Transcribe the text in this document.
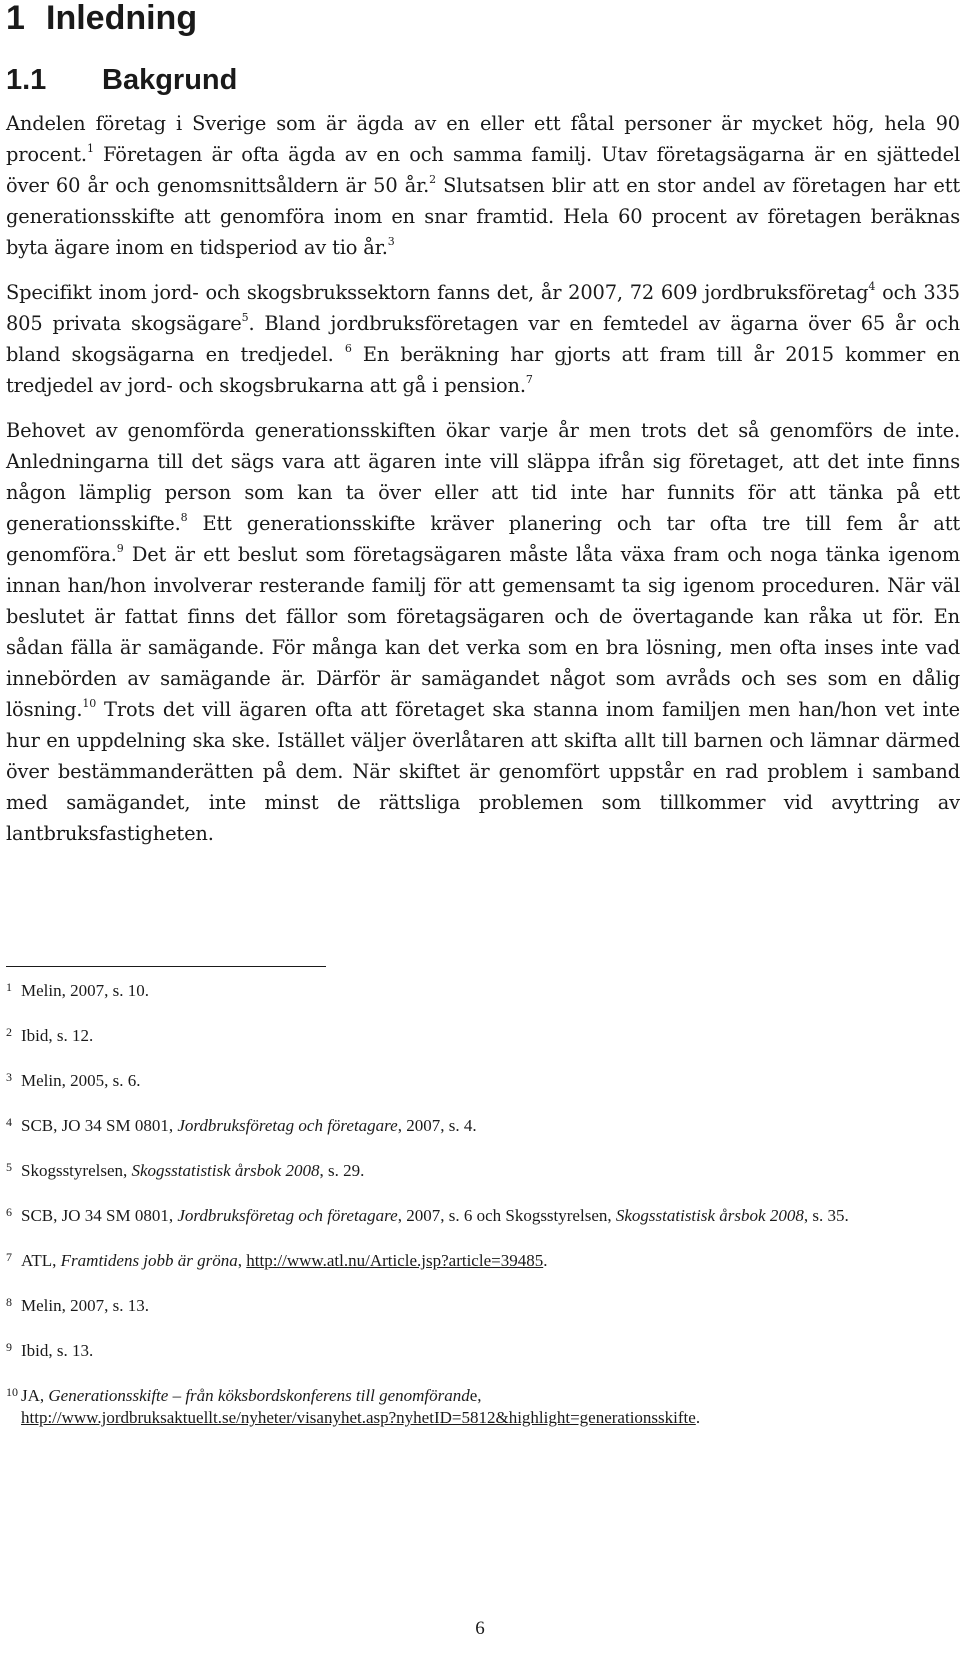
1 Inledning
1.1 Bakgrund

Andelen företag i Sverige som är ägda av en eller ett fåtal personer är mycket hög, hela 90 procent.$^1$ Företagen är ofta ägda av en och samma familj. Utav företagsägarna är en sjättedel över 60 år och genomsnittsåldern är 50 år.$^2$ Slutsatsen blir att en stor andel av företagen har ett generationsskifte att genomföra inom en snar framtid. Hela 60 procent av företagen beräknas byta ägare inom en tidsperiod av tio år.$^3$

Specifikt inom jord- och skogsbrukssektorn fanns det, år 2007, 72 609 jordbruksföretag$^4$ och 335 805 privata skogsägare$^5$. Bland jordbruksföretagen var en femtedel av ägarna över 65 år och bland skogsägarna en tredjedel. $^6$ En beräkning har gjorts att fram till år 2015 kommer en tredjedel av jord- och skogsbrukarna att gå i pension.$^7$

Behovet av genomförda generationsskiften ökar varje år men trots det så genomförs de inte. Anledningarna till det sägs vara att ägaren inte vill släppa ifrån sig företaget, att det inte finns någon lämplig person som kan ta över eller att tid inte har funnits för att tänka på ett generationsskifte.$^8$ Ett generationsskifte kräver planering och tar ofta tre till fem år att genomföra.$^9$ Det är ett beslut som företagsägaren måste låta växa fram och noga tänka igenom innan han/hon involverar resterande familj för att gemensamt ta sig igenom proceduren. När väl beslutet är fattat finns det fällor som företagsägaren och de övertagande kan råka ut för. En sådan fälla är samägande. För många kan det verka som en bra lösning, men ofta inses inte vad innebörden av samägande är. Därför är samägandet något som avråds och ses som en dålig lösning.$^{10}$ Trots det vill ägaren ofta att företaget ska stanna inom familjen men han/hon vet inte hur en uppdelning ska ske. Istället väljer överlåtaren att skifta allt till barnen och lämnar därmed över bestämmanderätten på dem. När skiftet är genomfört uppstår en rad problem i samband med samägandet, inte minst de rättsliga problemen som tillkommer vid avyttring av lantbruksfastigheten.

1 Melin, 2007, s. 10.
2 Ibid, s. 12.
3 Melin, 2005, s. 6.
4 SCB, JO 34 SM 0801, Jordbruksföretag och företagare, 2007, s. 4.
5 Skogsstyrelsen, Skogsstatistisk årsbok 2008, s. 29.
6 SCB, JO 34 SM 0801, Jordbruksföretag och företagare, 2007, s. 6 och Skogsstyrelsen, Skogsstatistisk årsbok 2008, s. 35.
7 ATL, Framtidens jobb är gröna, http://www.atl.nu/Article.jsp?article=39485.
8 Melin, 2007, s. 13.
9 Ibid, s. 13.
10 JA, Generationsskifte – från köksbordskonferens till genomförande,
http://www.jordbruksaktuellt.se/nyheter/visanyhet.asp?nyhetID=5812&highlight=generationsskifte.
6
